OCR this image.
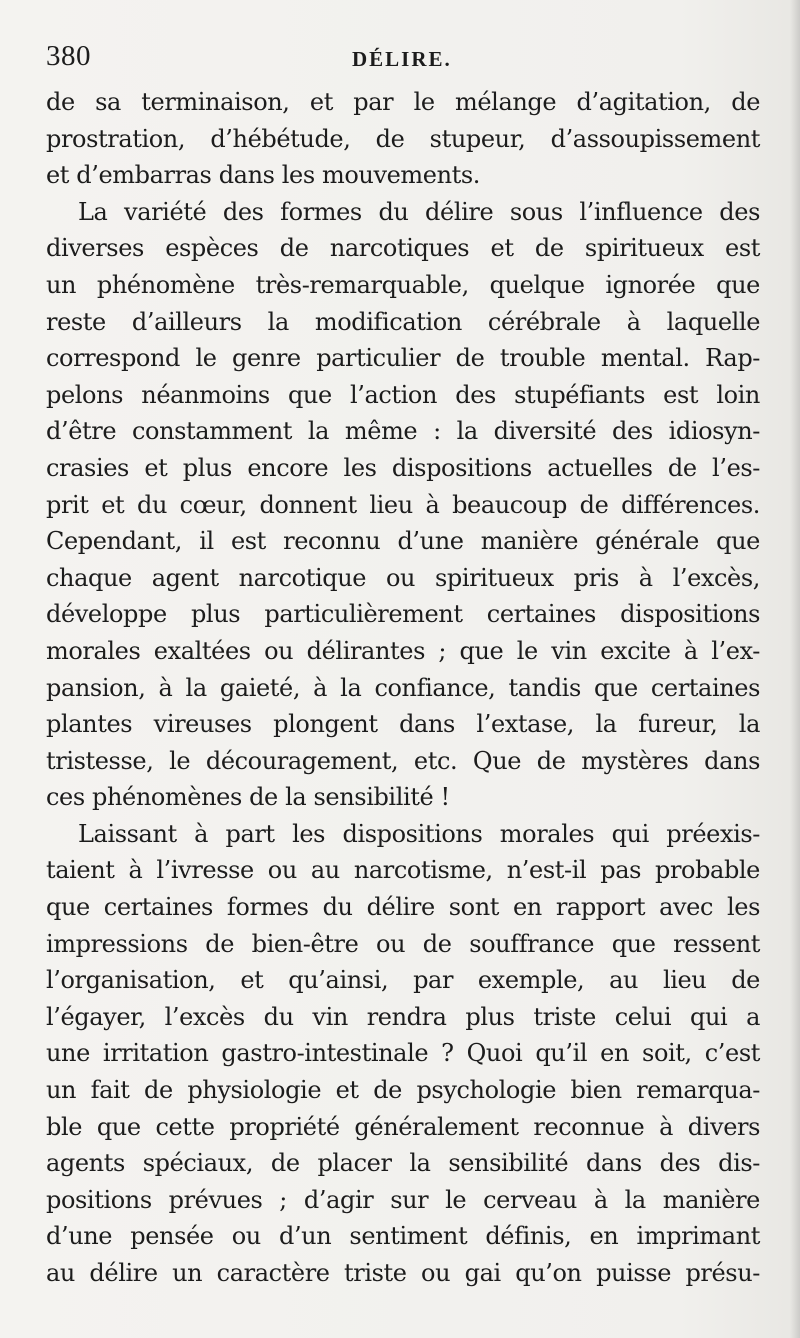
380	DÉLIRE.
de sa terminaison, et par le mélange d’agitation, de
prostration, d’hébétude, de stupeur, d’assoupissement
et d’embarras dans les mouvements.
La variété des formes du délire sous l’influence des
diverses espèces de narcotiques et de spiritueux est
un phénomène très-remarquable, quelque ignorée que
reste d’ailleurs la modification cérébrale à laquelle
correspond le genre particulier de trouble mental. Rap-
pelons néanmoins que l’action des stupéfiants est loin
d’être constamment la même : la diversité des idiosyn-
crasies et plus encore les dispositions actuelles de l’es-
prit et du cœur, donnent lieu à beaucoup de différences.
Cependant, il est reconnu d’une manière générale que
chaque agent narcotique ou spiritueux pris à l’excès,
développe plus particulièrement certaines dispositions
morales exaltées ou délirantes ; que le vin excite à l’ex-
pansion, à la gaieté, à la confiance, tandis que certaines
plantes vireuses plongent dans l’extase, la fureur, la
tristesse, le découragement, etc. Que de mystères dans
ces phénomènes de la sensibilité !
Laissant à part les dispositions morales qui préexis-
taient à l’ivresse ou au narcotisme, n’est-il pas probable
que certaines formes du délire sont en rapport avec les
impressions de bien-être ou de souffrance que ressent
l’organisation, et qu’ainsi, par exemple, au lieu de
l’égayer, l’excès du vin rendra plus triste celui qui a
une irritation gastro-intestinale ? Quoi qu’il en soit, c’est
un fait de physiologie et de psychologie bien remarqua-
ble que cette propriété généralement reconnue à divers
agents spéciaux, de placer la sensibilité dans des dis-
positions prévues ; d’agir sur le cerveau à la manière
d’une pensée ou d’un sentiment définis, en imprimant
au délire un caractère triste ou gai qu’on puisse présu-
